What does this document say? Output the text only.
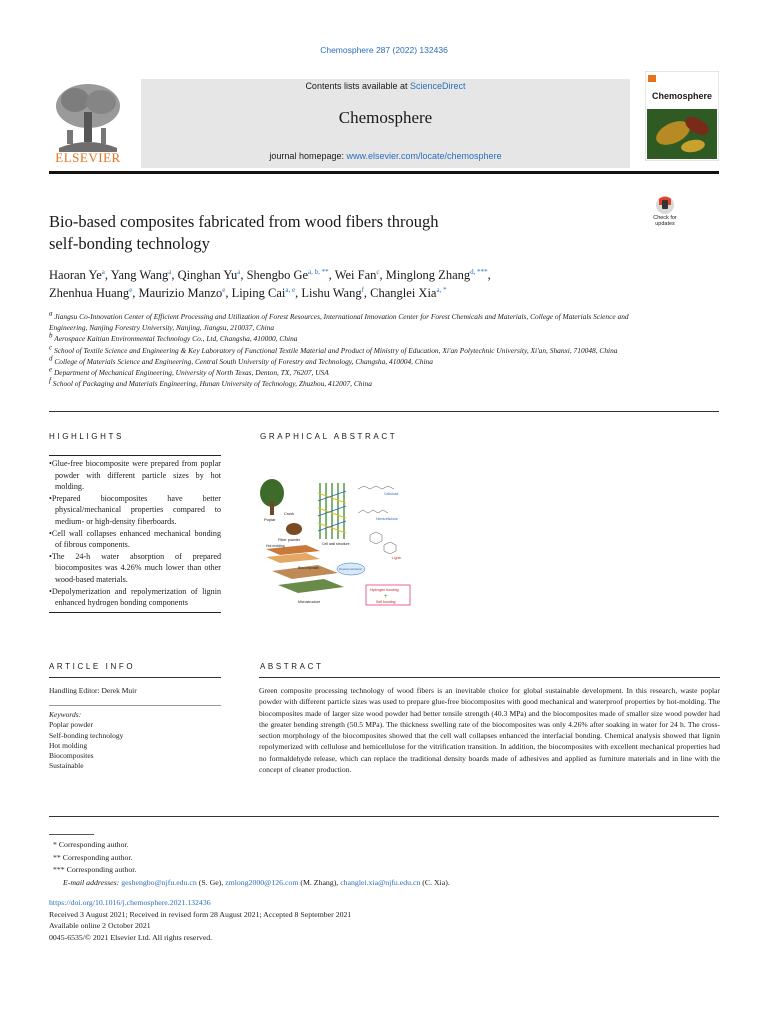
Chemosphere 287 (2022) 132436
ELSEVIER
Contents lists available at ScienceDirect
Chemosphere
journal homepage: www.elsevier.com/locate/chemosphere
Chemosphere
Check for
updates
Bio-based composites fabricated from wood fibers through
self-bonding technology
Haoran Ye$^a$, Yang Wang$^a$, Qinghan Yu$^a$, Shengbo $Ge^{a, b, **}$, Wei Fan$^c$, Minglong Zhang$^{d, ***}$,
Zhenhua Huang$^e$, Maurizio Manzo$^e$, Liping Cai$^{a, e}$, Lishu Wang$^f$, Changlei Xia$^{a, *}$
$^a$ Jiangsu Co-Innovation Center of Efficient Processing and Utilization of Forest Resources, International Innovation Center for Forest Chemicals and Materials, College of Materials Science and Engineering, Nanjing Forestry University, Nanjing, Jiangsu, 210037, China
$^b$ Aerospace Kaitian Environmental Technology Co., Ltd, Changsha, 410000, China
$^c$ School of Textile Science and Engineering & Key Laboratory of Functional Textile Material and Product of Ministry of Education, Xi'an Polytechnic University, Xi'an, Shanxi, 710048, China
$^d$ College of Materials Science and Engineering, Central South University of Forestry and Technology, Changsha, 410004, China
$^e$ Department of Mechanical Engineering, University of North Texas, Denton, TX, 76207, USA
$^f$ School of Packaging and Materials Engineering, Hunan University of Technology, Zhuzhou, 412007, China
HIGHLIGHTS
•Glue-free biocomposite were prepared from poplar powder with different particle sizes by hot molding.
•Prepared biocomposites have better physical/mechanical properties compared to medium- or high-density fiberboards.
•Cell wall collapses enhanced mechanical bonding of fibrous components.
•The 24-h water absorption of prepared biocomposites was 4.26% much lower than other wood-based materials.
•Depolymerization and repolymerization of lignin enhanced hydrogen bonding components
GRAPHICAL ABSTRACT
Poplar
Crush
Fiber powder
Hot molding	Cell wall structure
Cellulose
Hemicellulose
Lignin
Biocomposite	Depolymerization
Microstructure
Hydrogen bonding
+
Self bonding
ARTICLE INFO
Handling Editor: Derek Muir
Keywords:
Poplar powder
Self-bonding technology
Hot molding
Biocomposites
Sustainable
ABSTRACT
Green composite processing technology of wood fibers is an inevitable choice for global sustainable development. In this research, waste poplar powder with different particle sizes was used to prepare glue-free biocomposites with good mechanical and waterproof properties by hot-molding. The biocomposites made of larger size wood powder had better tensile strength (40.3 MPa) and the biocomposites made of smaller size wood powder had the greater bending strength (50.5 MPa). The thickness swelling rate of the biocomposites was only 4.26% after soaking in water for 24 h. The cross-section morphology of the biocomposites showed that the cell wall collapses enhanced the interfacial bonding. Chemical analysis showed that lignin repolymerized with cellulose and hemicellulose for the vitrification transition. In addition, the biocomposites with excellent mechanical properties had no formaldehyde release, which can replace the traditional density boards made of adhesives and applied as furniture materials and in line with the concept of cleaner production.
* Corresponding author.
** Corresponding author.
*** Corresponding author.
E-mail addresses: geshengbo@njfu.edu.cn (S. Ge), zmlong2000@126.com (M. Zhang), changlei.xia@njfu.edu.cn (C. Xia).
https://doi.org/10.1016/j.chemosphere.2021.132436
Received 3 August 2021; Received in revised form 28 August 2021; Accepted 8 September 2021
Available online 2 October 2021
0045-6535/© 2021 Elsevier Ltd. All rights reserved.
